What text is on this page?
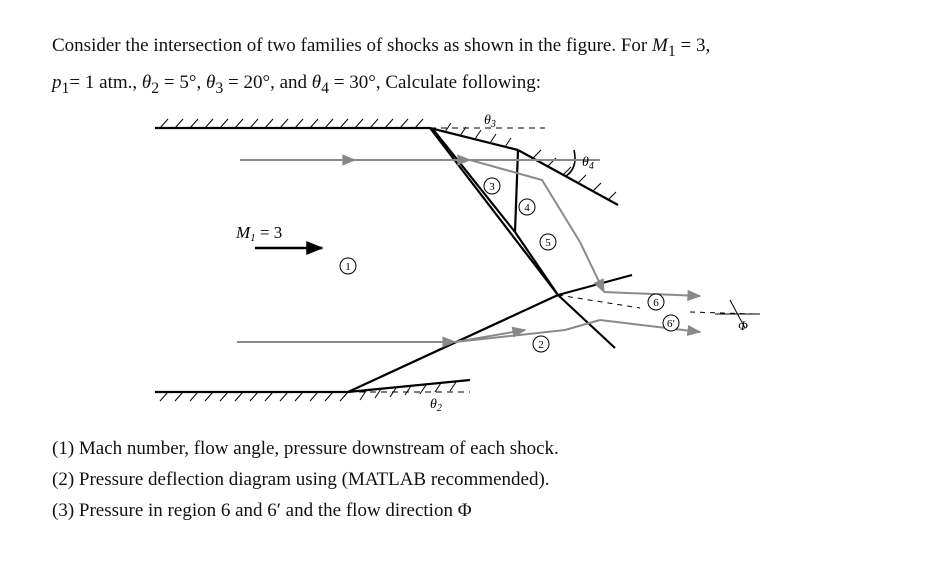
Consider the intersection of two families of shocks as shown in the figure. For $M_1 = 3$,
$p_1= 1$ atm., $\theta_2 = 5^\circ$, $\theta_3 = 20^\circ$, and $\theta_4 = 30^\circ$, Calculate following:
1
2
3
4
5
6
6′
$\theta_3$
$\theta_4$
$\theta_2$
Φ
M1 = 3
(1) Mach number, flow angle, pressure downstream of each shock.
(2) Pressure deflection diagram using (MATLAB recommended).
(3) Pressure in region 6 and 6′ and the flow direction Φ
